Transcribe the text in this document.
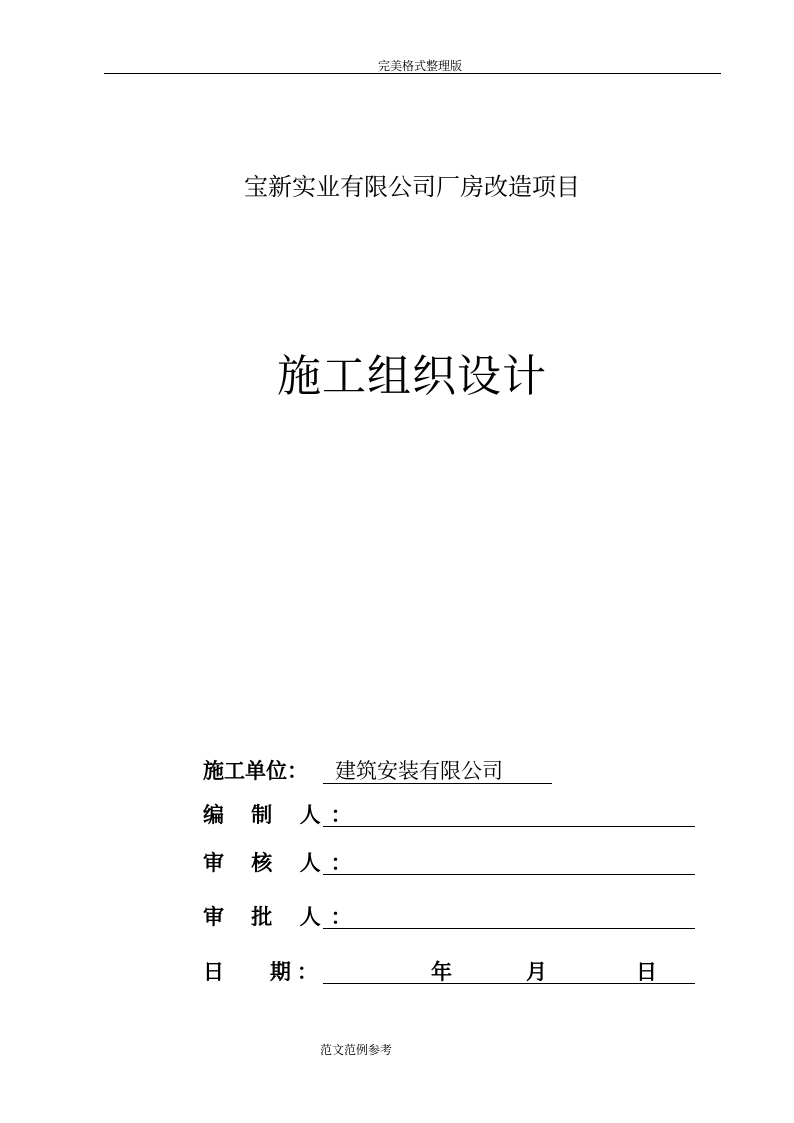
完美格式整理版
宝新实业有限公司厂房改造项目
施工组织设计
施工单位： 建筑安装有限公司
编 制 人：
审 核 人：
审 批 人：
日   期：	年	月	日
范文范例参考
